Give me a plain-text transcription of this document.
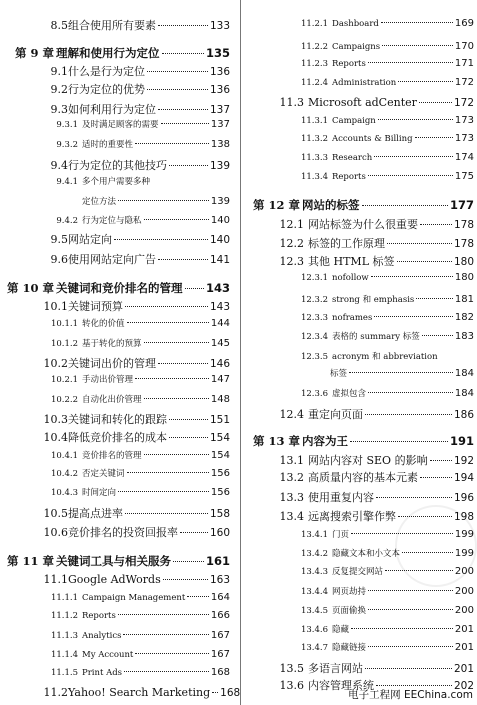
8.5 组合使用所有要素	133
第 9 章 理解和使用行为定位	135
9.1 什么是行为定位	136
9.2 行为定位的优势	136
9.3 如何利用行为定位	137
9.3.1 及时满足顾客的需要	137
9.3.2 适时的重要性	138
9.4 行为定位的其他技巧	139
9.4.1 多个用户需要多种
定位方法	139
9.4.2 行为定位与隐私	140
9.5 网站定向	140
9.6 使用网站定向广告	141
第 10 章 关键词和竞价排名的管理 143
10.1 关键词预算	143
10.1.1 转化的价值	144
10.1.2 基于转化的预算	145
10.2 关键词出价的管理	146
10.2.1 手动出价管理	147
10.2.2 自动化出价管理	148
10.3 关键词和转化的跟踪	151
10.4 降低竞价排名的成本	154
10.4.1 竞价排名的管理	154
10.4.2 否定关键词	156
10.4.3 时间定向	156
10.5 提高点进率	158
10.6 竞价排名的投资回报率	160
第 11 章 关键词工具与相关服务	161
11.1 Google AdWords	163
11.1.1 Campaign Management	164
11.1.2 Reports	166
11.1.3 Analytics	167
11.1.4 My Account	167
11.1.5 Print Ads	168
11.2 Yahoo! Search Marketing 168
11.2.1 Dashboard	169
11.2.2 Campaigns	170
11.2.3 Reports	171
11.2.4 Administration	172
11.3 Microsoft adCenter	172
11.3.1 Campaign	173
11.3.2 Accounts & Billing	173
11.3.3 Research	174
11.3.4 Reports	175
第 12 章 网站的标签	177
12.1 网站标签为什么很重要	178
12.2 标签的工作原理	178
12.3 其他 HTML 标签	180
12.3.1 nofollow	180
12.3.2 strong 和 emphasis	181
12.3.3 noframes	182
12.3.4 表格的 summary 标签	183
12.3.5 acronym 和 abbreviation
标签	184
12.3.6 虚拟包含	184
12.4 重定向页面	186
第 13 章 内容为王	191
13.1 网站内容对 SEO 的影响	192
13.2 高质量内容的基本元素	194
13.3 使用重复内容	196
13.4 远离搜索引擎作弊	198
13.4.1 门页	199
13.4.2 隐藏文本和小文本	199
13.4.3 反复提交网站	200
13.4.4 网页劫持	200
13.4.5 页面偷换	200
13.4.6 隐藏	201
13.4.7 隐藏链接	201
13.5 多语言网站	201
13.6 内容管理系统	202
电子工程网 EEChina.com
